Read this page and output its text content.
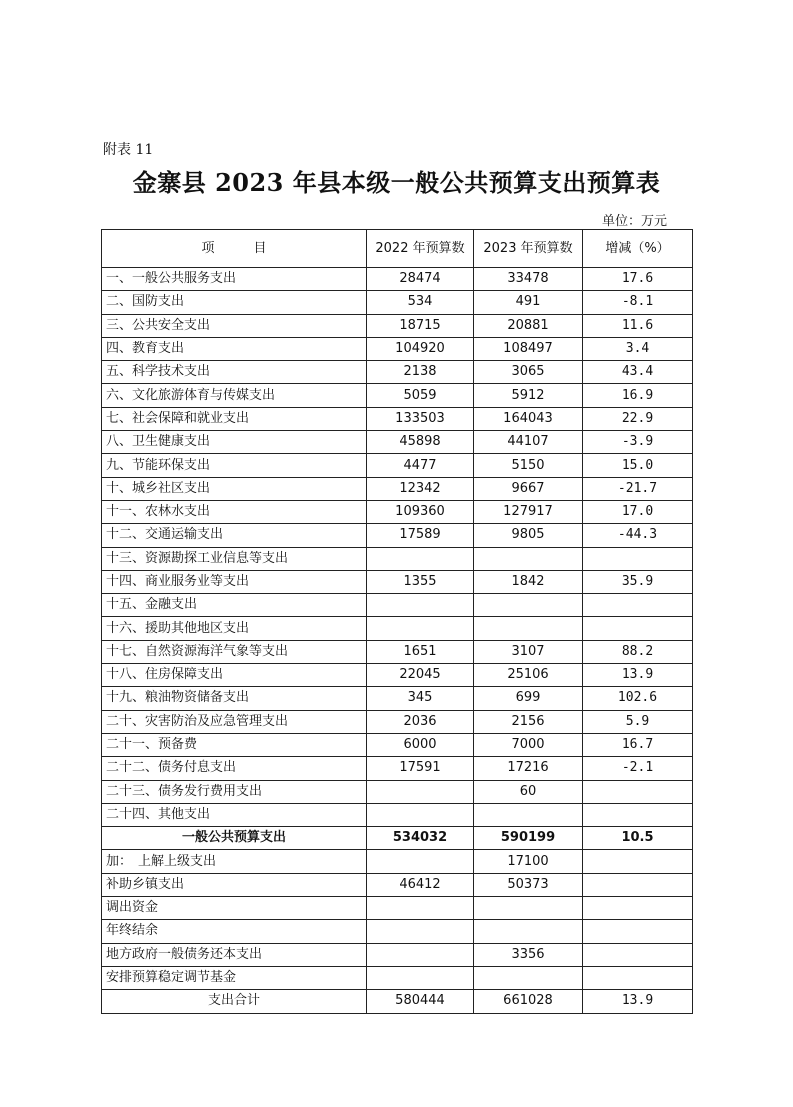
附表 11
金寨县 2023 年县本级一般公共预算支出预算表
单位：万元
项　　　目	2022 年预算数	2023 年预算数	增减（%）
一、一般公共服务支出	28474	33478	17.6
二、国防支出	534	491	-8.1
三、公共安全支出	18715	20881	11.6
四、教育支出	104920	108497	3.4
五、科学技术支出	2138	3065	43.4
六、文化旅游体育与传媒支出	5059	5912	16.9
七、社会保障和就业支出	133503	164043	22.9
八、卫生健康支出	45898	44107	-3.9
九、节能环保支出	4477	5150	15.0
十、城乡社区支出	12342	9667	-21.7
十一、农林水支出	109360	127917	17.0
十二、交通运输支出	17589	9805	-44.3
十三、资源勘探工业信息等支出			
十四、商业服务业等支出	1355	1842	35.9
十五、金融支出			
十六、援助其他地区支出			
十七、自然资源海洋气象等支出	1651	3107	88.2
十八、住房保障支出	22045	25106	13.9
十九、粮油物资储备支出	345	699	102.6
二十、灾害防治及应急管理支出	2036	2156	5.9
二十一、预备费	6000	7000	16.7
二十二、债务付息支出	17591	17216	-2.1
二十三、债务发行费用支出		60	
二十四、其他支出			
一般公共预算支出	534032	590199	10.5
加： 上解上级支出		17100	
补助乡镇支出	46412	50373	
调出资金			
年终结余			
地方政府一般债务还本支出		3356	
安排预算稳定调节基金			
支出合计	580444	661028	13.9
